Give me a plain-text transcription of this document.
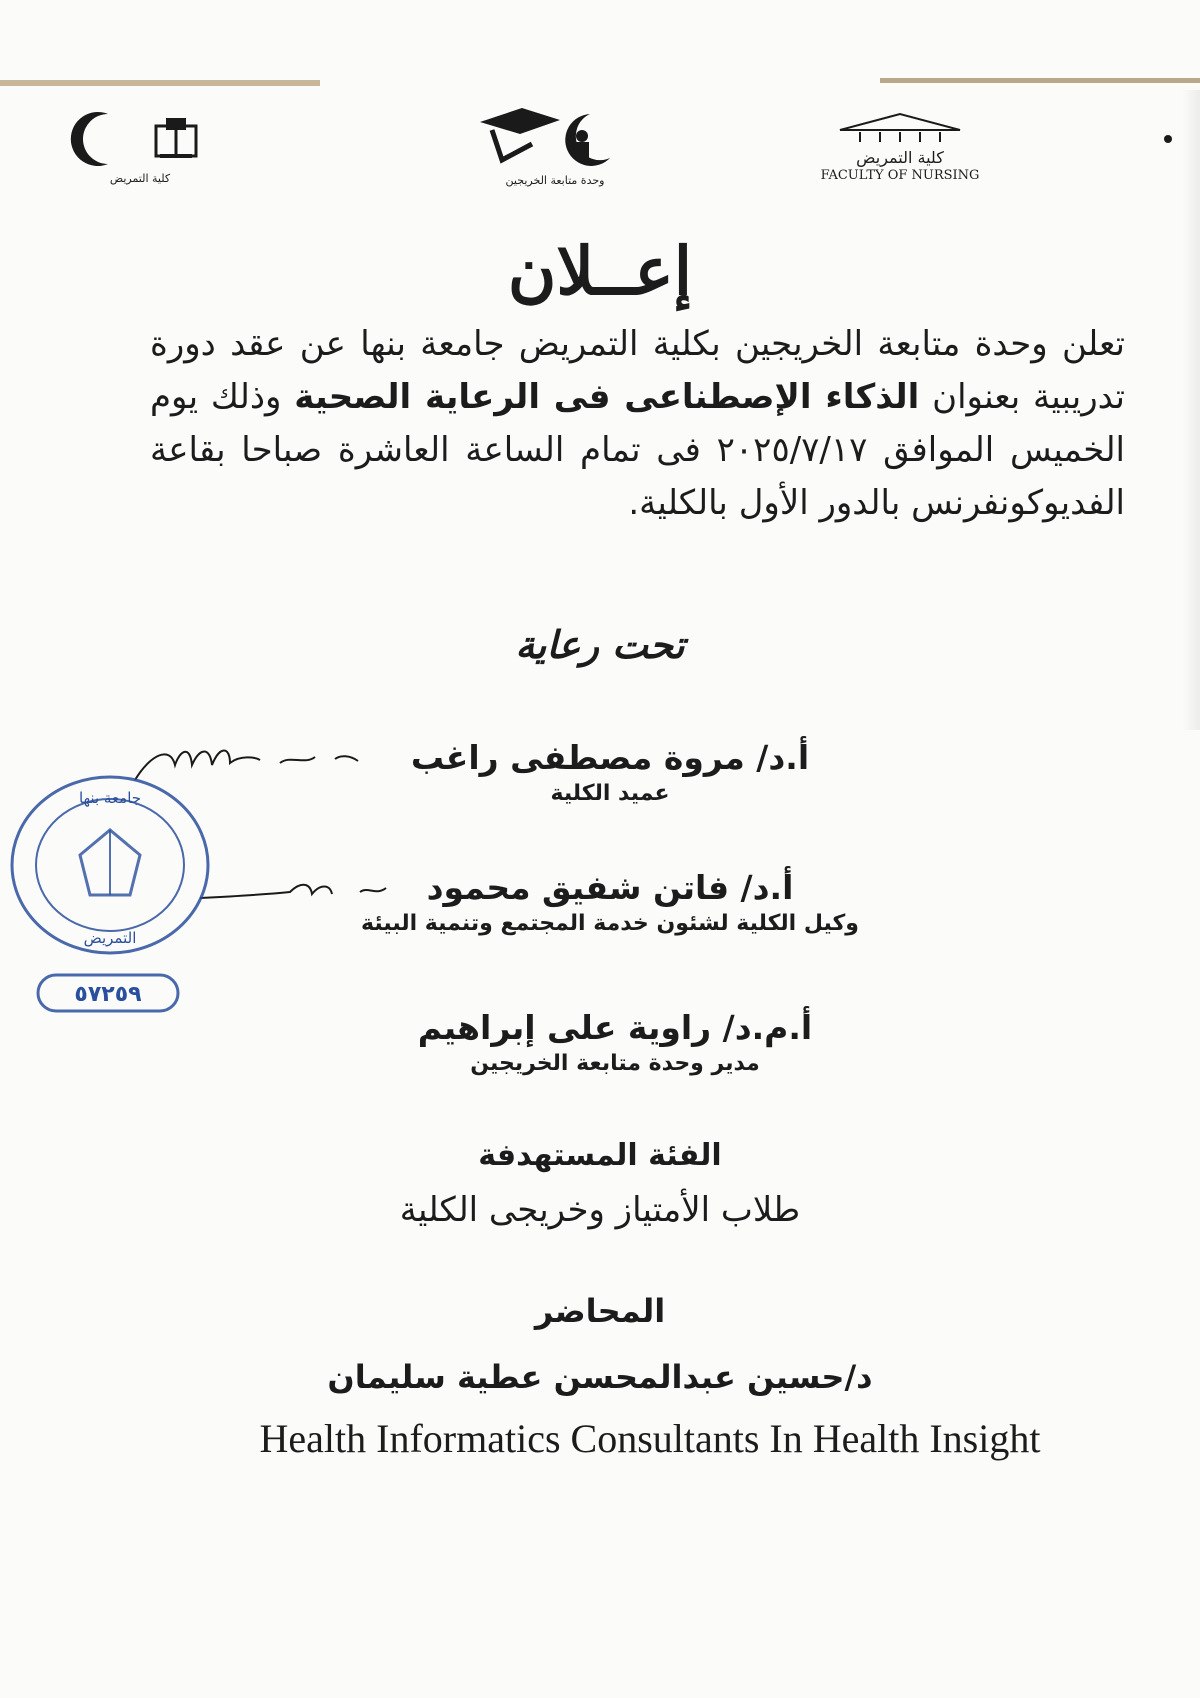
كلية التمريض	وحدة متابعة الخريجين
كلية التمريض
FACULTY OF NURSING
إعــلان
تعلن وحدة متابعة الخريجين بكلية التمريض جامعة بنها عن عقد دورة تدريبية بعنوان الذكاء الإصطناعى فى الرعاية الصحية وذلك يوم الخميس الموافق ٢٠٢٥/٧/١٧ فى تمام الساعة العاشرة صباحا بقاعة الفديوكونفرنس بالدور الأول بالكلية.
تحت رعاية
أ.د/ مروة مصطفى راغب
عميد الكلية
أ.د/ فاتن شفيق محمود
وكيل الكلية لشئون خدمة المجتمع وتنمية البيئة
أ.م.د/ راوية على إبراهيم
مدير وحدة متابعة الخريجين
جامعة بنها
التمريض
٥٧٢٥٩
الفئة المستهدفة
طلاب الأمتياز وخريجى الكلية
المحاضر
د/حسين عبدالمحسن عطية سليمان
Health Informatics Consultants In Health Insight
